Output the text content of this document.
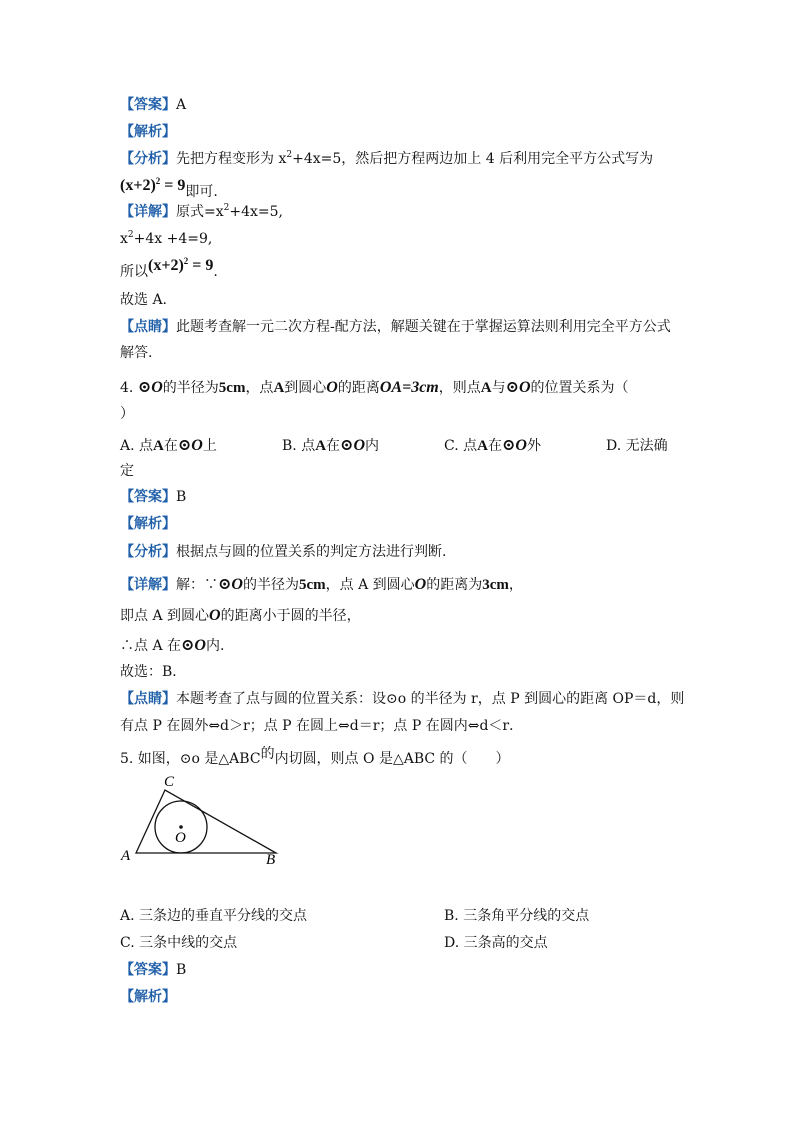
【答案】A
【解析】
【分析】先把方程变形为 $x^2+4x=5$，然后把方程两边加上 4 后利用完全平方公式写为
$(x+2)^2 = 9$即可.
【详解】原式$=x^2+4x=5$,
$x^2+4x +4=9$,
所以$(x+2)^2 = 9$.
故选 A.
【点睛】此题考查解一元二次方程-配方法，解题关键在于掌握运算法则利用完全平方公式
解答.
4. ⊙O的半径为5cm，点A到圆心O的距离OA=3cm，则点A与⊙O的位置关系为（
）
A. 点A在⊙O上	B. 点A在⊙O内	C. 点A在⊙O外	D. 无法确
定
【答案】B
【解析】
【分析】根据点与圆的位置关系的判定方法进行判断.
【详解】解：∵⊙O的半径为5cm，点 A 到圆心O的距离为3cm，
即点 A 到圆心O的距离小于圆的半径，
∴点 A 在⊙O内.
故选：B．
【点睛】本题考查了点与圆的位置关系：设⊙o 的半径为 r，点 P 到圆心的距离 OP＝d，则
有点 P 在圆外⇔d＞r；点 P 在圆上⇔d＝r；点 P 在圆内⇔d＜r．
5. 如图，⊙o 是△ABC的内切圆，则点 O 是△ABC 的（　　）
C
A	B
O
A. 三条边的垂直平分线的交点	B. 三条角平分线的交点
C. 三条中线的交点	D. 三条高的交点
【答案】B
【解析】
